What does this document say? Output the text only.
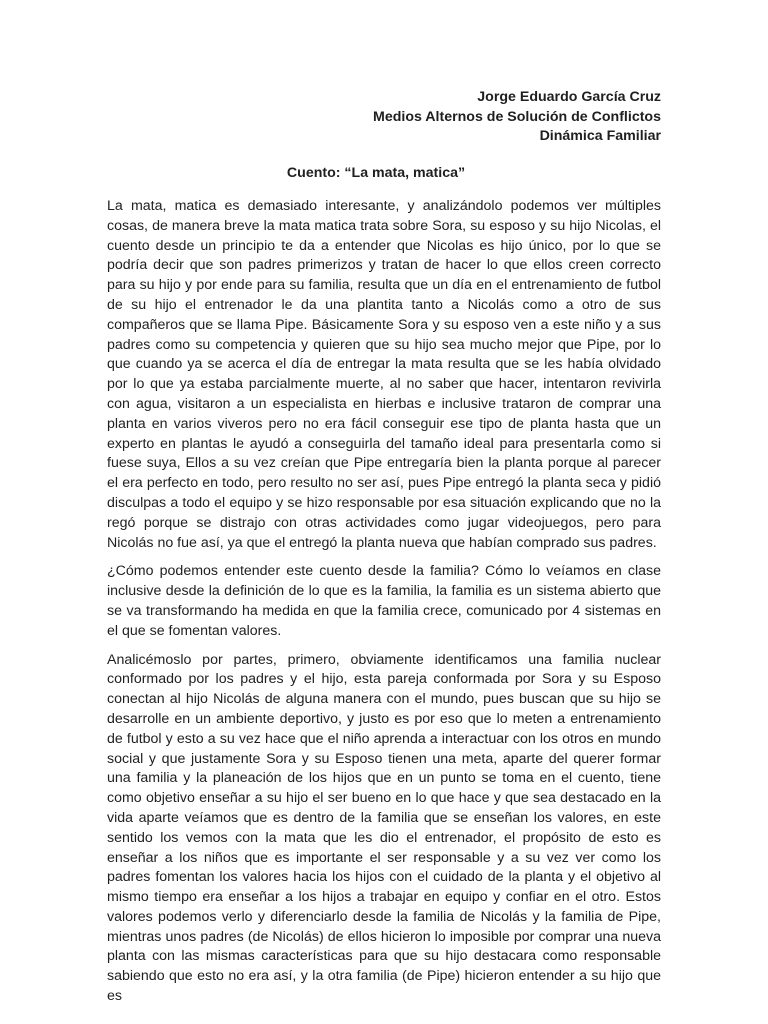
Jorge Eduardo García Cruz
Medios Alternos de Solución de Conflictos
Dinámica Familiar
Cuento: “La mata, matica”

La mata, matica es demasiado interesante, y analizándolo podemos ver múltiples cosas, de manera breve la mata matica trata sobre Sora, su esposo y su hijo Nicolas, el cuento desde un principio te da a entender que Nicolas es hijo único, por lo que se podría decir que son padres primerizos y tratan de hacer lo que ellos creen correcto para su hijo y por ende para su familia, resulta que un día en el entrenamiento de futbol de su hijo el entrenador le da una plantita tanto a Nicolás como a otro de sus compañeros que se llama Pipe. Básicamente Sora y su esposo ven a este niño y a sus padres como su competencia y quieren que su hijo sea mucho mejor que Pipe, por lo que cuando ya se acerca el día de entregar la mata resulta que se les había olvidado por lo que ya estaba parcialmente muerte, al no saber que hacer, intentaron revivirla con agua, visitaron a un especialista en hierbas e inclusive trataron de comprar una planta en varios viveros pero no era fácil conseguir ese tipo de planta hasta que un experto en plantas le ayudó a conseguirla del tamaño ideal para presentarla como si fuese suya, Ellos a su vez creían que Pipe entregaría bien la planta porque al parecer el era perfecto en todo, pero resulto no ser así, pues Pipe entregó la planta seca y pidió disculpas a todo el equipo y se hizo responsable por esa situación explicando que no la regó porque se distrajo con otras actividades como jugar videojuegos, pero para Nicolás no fue así, ya que el entregó la planta nueva que habían comprado sus padres.

¿Cómo podemos entender este cuento desde la familia? Cómo lo veíamos en clase inclusive desde la definición de lo que es la familia, la familia es un sistema abierto que se va transformando ha medida en que la familia crece, comunicado por 4 sistemas en el que se fomentan valores.

Analicémoslo por partes, primero, obviamente identificamos una familia nuclear conformado por los padres y el hijo, esta pareja conformada por Sora y su Esposo conectan al hijo Nicolás de alguna manera con el mundo, pues buscan que su hijo se desarrolle en un ambiente deportivo, y justo es por eso que lo meten a entrenamiento de futbol y esto a su vez hace que el niño aprenda a interactuar con los otros en mundo social y que justamente Sora y su Esposo tienen una meta, aparte del querer formar una familia y la planeación de los hijos que en un punto se toma en el cuento, tiene como objetivo enseñar a su hijo el ser bueno en lo que hace y que sea destacado en la vida aparte veíamos que es dentro de la familia que se enseñan los valores, en este sentido los vemos con la mata que les dio el entrenador, el propósito de esto es enseñar a los niños que es importante el ser responsable y a su vez ver como los padres fomentan los valores hacia los hijos con el cuidado de la planta y el objetivo al mismo tiempo era enseñar a los hijos a trabajar en equipo y confiar en el otro. Estos valores podemos verlo y diferenciarlo desde la familia de Nicolás y la familia de Pipe, mientras unos padres (de Nicolás) de ellos hicieron lo imposible por comprar una nueva planta con las mismas características para que su hijo destacara como responsable sabiendo que esto no era así, y la otra familia (de Pipe) hicieron entender a su hijo que es
